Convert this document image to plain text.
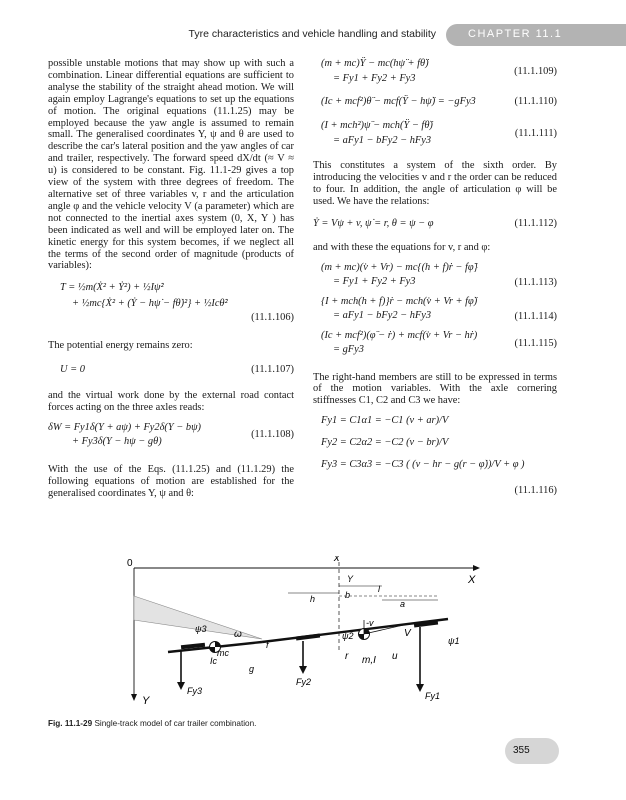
Tyre characteristics and vehicle handling and stability	CHAPTER 11.1

possible unstable motions that may show up with such a combination. Linear differential equations are sufficient to analyse the stability of the straight ahead motion. We will again employ Lagrange's equations to set up the equations of motion. The original equations (11.1.25) may be employed because the yaw angle is assumed to remain small. The generalised coordinates Y, ψ and θ are used to describe the car's lateral position and the yaw angles of car and trailer, respectively. The forward speed dX/dt (≈ V ≈ u) is considered to be constant. Fig. 11.1-29 gives a top view of the system with three degrees of freedom. The alternative set of three variables v, r and the articulation angle φ and the vehicle velocity V (a parameter) which are not connected to the inertial axes system (0, X, Y ) has been indicated as well and will be employed later on. The kinetic energy for this system becomes, if we neglect all the terms of the second order of magnitude (products of variables):

T = ½m(Ẋ² + Ẏ²) + ½Iψ̇²
+ ½mc{Ẋ² + (Ẏ − hψ̇ − fθ̇)²} + ½Icθ̇²
(11.1.106)

The potential energy remains zero:

U = 0	(11.1.107)

and the virtual work done by the external road contact forces acting on the three axles reads:

δW = Fy1δ(Y + aψ) + Fy2δ(Y − bψ)
+ Fy3δ(Y − hψ − gθ)
(11.1.108)

With the use of the Eqs. (11.1.25) and (11.1.29) the following equations of motion are established for the generalised coordinates Y, ψ and θ:

(m + mc)Ÿ − mc(hψ̈ + fθ̈)
= Fy1 + Fy2 + Fy3
(11.1.109)
(Ic + mcf²)θ̈ − mcf(Ÿ − hψ̈) = −gFy3	(11.1.110)
(I + mch²)ψ̈ − mch(Ÿ − fθ̈)
= aFy1 − bFy2 − hFy3
(11.1.111)

This constitutes a system of the sixth order. By introducing the velocities v and r the order can be reduced to four. In addition, the angle of articulation φ will be used. We have the relations:

Ẏ = Vψ + v, ψ̇ = r, θ = ψ − φ	(11.1.112)

and with these the equations for v, r and φ:

(m + mc)(v̇ + Vr) − mc{(h + f)ṙ − fφ̈}
= Fy1 + Fy2 + Fy3	(11.1.113)
{I + mch(h + f)}ṙ − mch(v̇ + Vr + fφ̈)
= aFy1 − bFy2 − hFy3	(11.1.114)
(Ic + mcf²)(φ̈ − ṙ) + mcf(v̇ + Vr − hṙ)
= gFy3
(11.1.115)

The right-hand members are still to be expressed in terms of the motion variables. With the axle cornering stiffnesses C1, C2 and C3 we have:

Fy1 = C1α1 = −C1 (v + ar)/V
Fy2 = C2α2 = −C2 (v − br)/V
Fy3 = C3α3 = −C3 ( (v − hr − g(r − φ̇))/V + φ )
(11.1.116)
0	x
X
Y
Y
b
h
l
a
ψ3	ω	ψ2
-v
V
ψ1
mc
Ic
f
g
r m,I u
Fy3
Fy2
Fy1
Fig. 11.1-29 Single-track model of car trailer combination.
355
